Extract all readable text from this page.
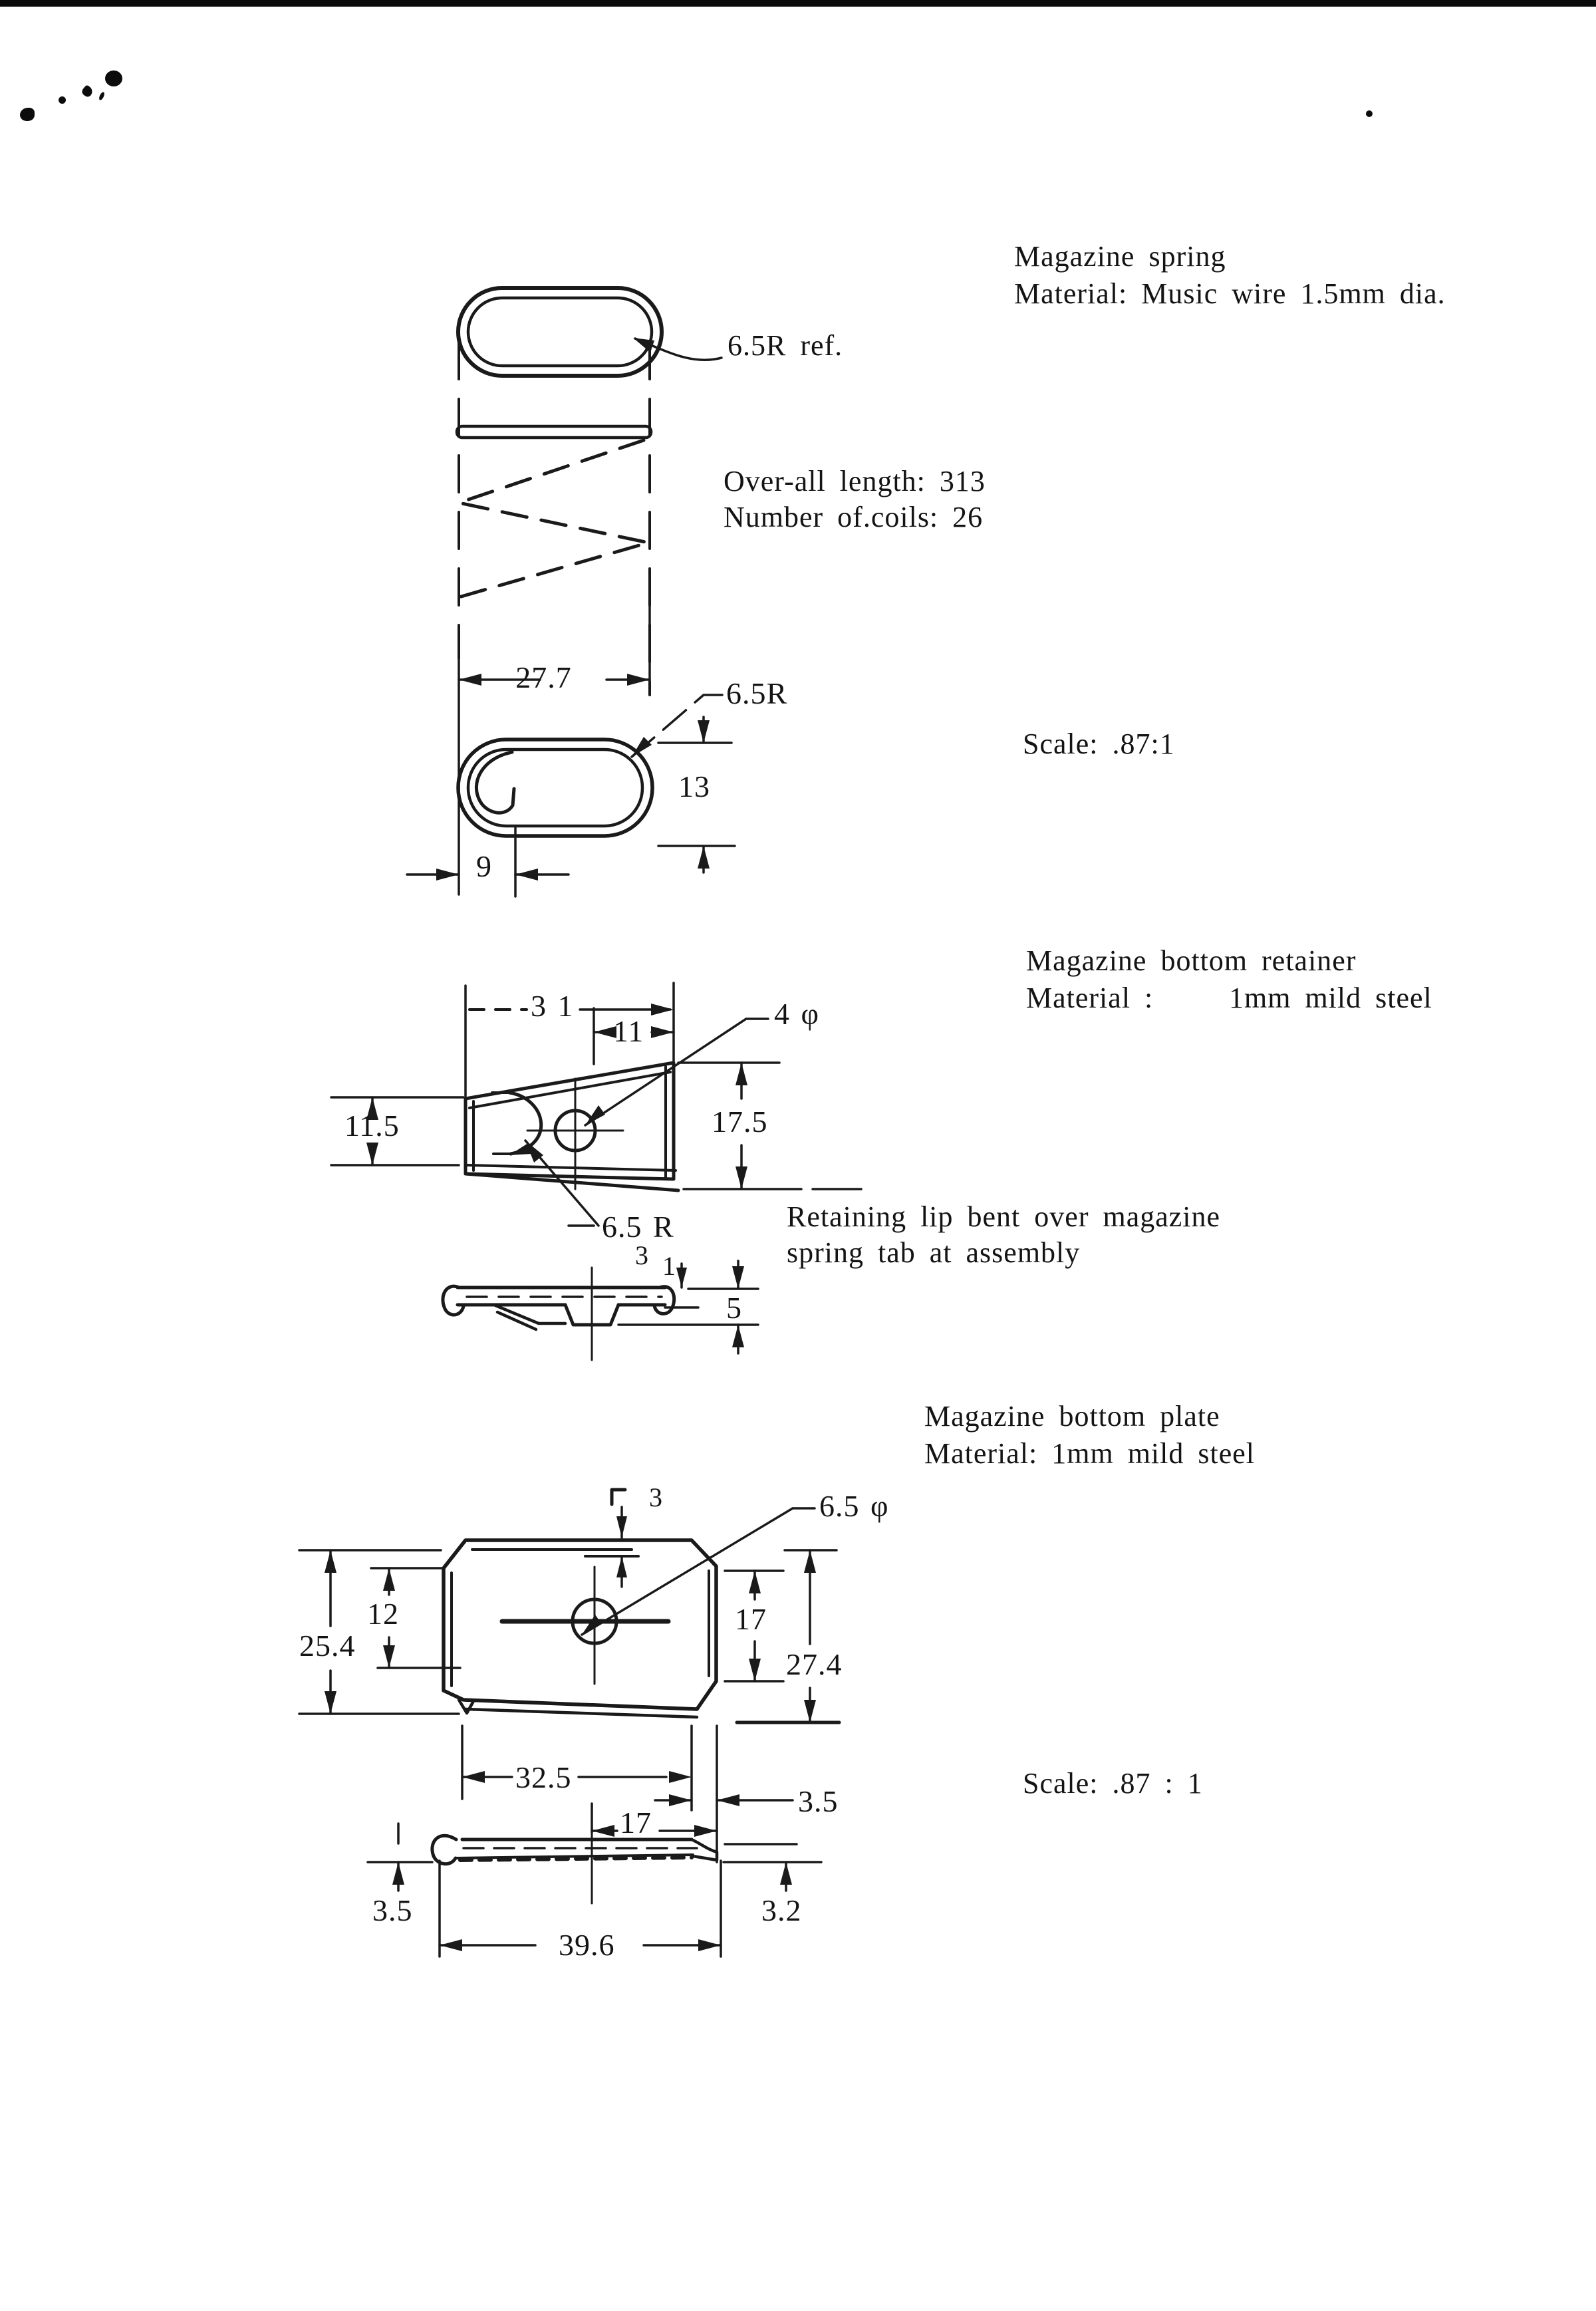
Magazine spring
Material: Music wire 1.5mm dia.
6.5R ref.
Over-all length: 313
Number of.coils: 26
27.7	6.5R
13
9
Scale: .87:1
Magazine bottom retainer
Material :	1mm mild steel
3 1
11
4 φ
11.5	17.5
6.5 R	Retaining lip bent over magazine
spring tab at assembly
3 1
5
Magazine bottom plate
Material: 1mm mild steel
3	6.5 φ
12
25.4
17
27.4
32.5
3.5
17
3.5
39.6
3.2
Scale: .87 : 1
